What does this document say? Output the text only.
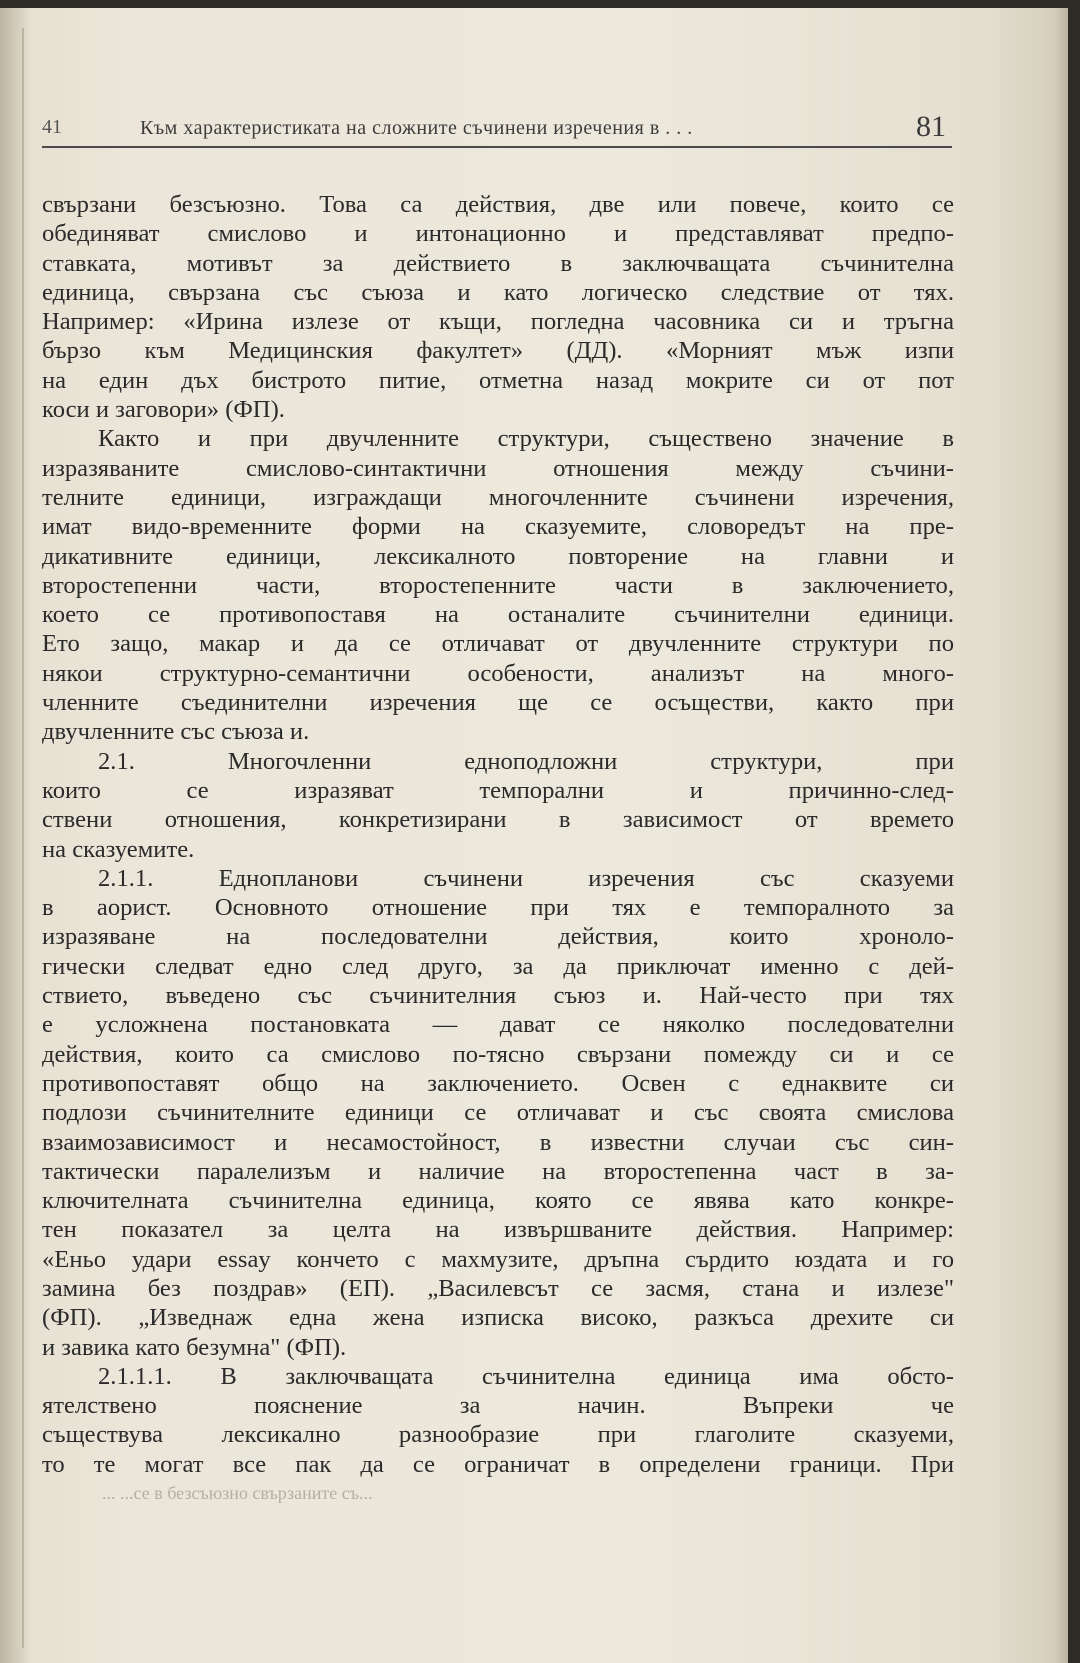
41	Към характеристиката на сложните съчинени изречения в . . .	81
свързани безсъюзно. Това са действия, две или повече, които се
обединяват смислово и интонационно и представляват предпо-
ставката, мотивът за действието в заключващата съчинителна
единица, свързана със съюза и като логическо следствие от тях.
Например: «Ирина излезе от къщи, погледна часовника си и тръгна
бързо към Медицинския факултет» (ДД). «Морният мъж изпи
на един дъх бистрото питие, отметна назад мокрите си от пот
коси и заговори» (ФП).
Както и при двучленните структури, съществено значение в
изразяваните смислово-синтактични отношения между съчини-
телните единици, изграждащи многочленните съчинени изречения,
имат видо-временните форми на сказуемите, словоредът на пре-
дикативните единици, лексикалното повторение на главни и
второстепенни части, второстепенните части в заключението,
което се противопоставя на останалите съчинителни единици.
Ето защо, макар и да се отличават от двучленните структури по
някои структурно-семантични особености, анализът на многo-
членните съединителни изречения ще се осъществи, както при
двучленните със съюза и.
2.1. Многочленни еднoподложни структури, при
които се изразяват темпорални и причинно-след-
ствени отношения, конкретизирани в зависимост от времето
на сказуемите.
2.1.1. Еднопланови съчинени изречения със сказуеми
в аорист. Основното отношение при тях е темпоралното за
изразяване на последователни действия, които хроноло-
гически следват едно след друго, за да приключат именно с дей-
ствието, въведено със съчинителния съюз и. Най-често при тях
е усложнена постановката — дават се няколко последователни
действия, които са смислово по-тясно свързани помежду си и се
противопоставят общо на заключението. Освен с еднаквите си
подлози съчинителните единици се отличават и със своята смислова
взаимозависимост и несамостойност, в известни случаи със син-
тактически паралелизъм и наличие на второстепенна част в за-
ключителната съчинителна единица, която се явява като конкре-
тен показател за целта на извършваните действия. Например:
«Еньо удари essay кончето с махмузите, дръпна сърдито юздата и го
замина без поздрав» (ЕП). „Василевсът се засмя, стана и излезе"
(ФП). „Изведнаж една жена изписка високо, разкъса дрехите си
и завика като безумна" (ФП).
2.1.1.1. В заключващата съчинителна единица има обсто-
ятелствено пояснение за начин. Въпреки че
съществува лексикално разнообразие при глаголите сказуеми,
то те могат все пак да се ограничат в определени граници. При
... ...се в безсъюзно свързаните съ...
